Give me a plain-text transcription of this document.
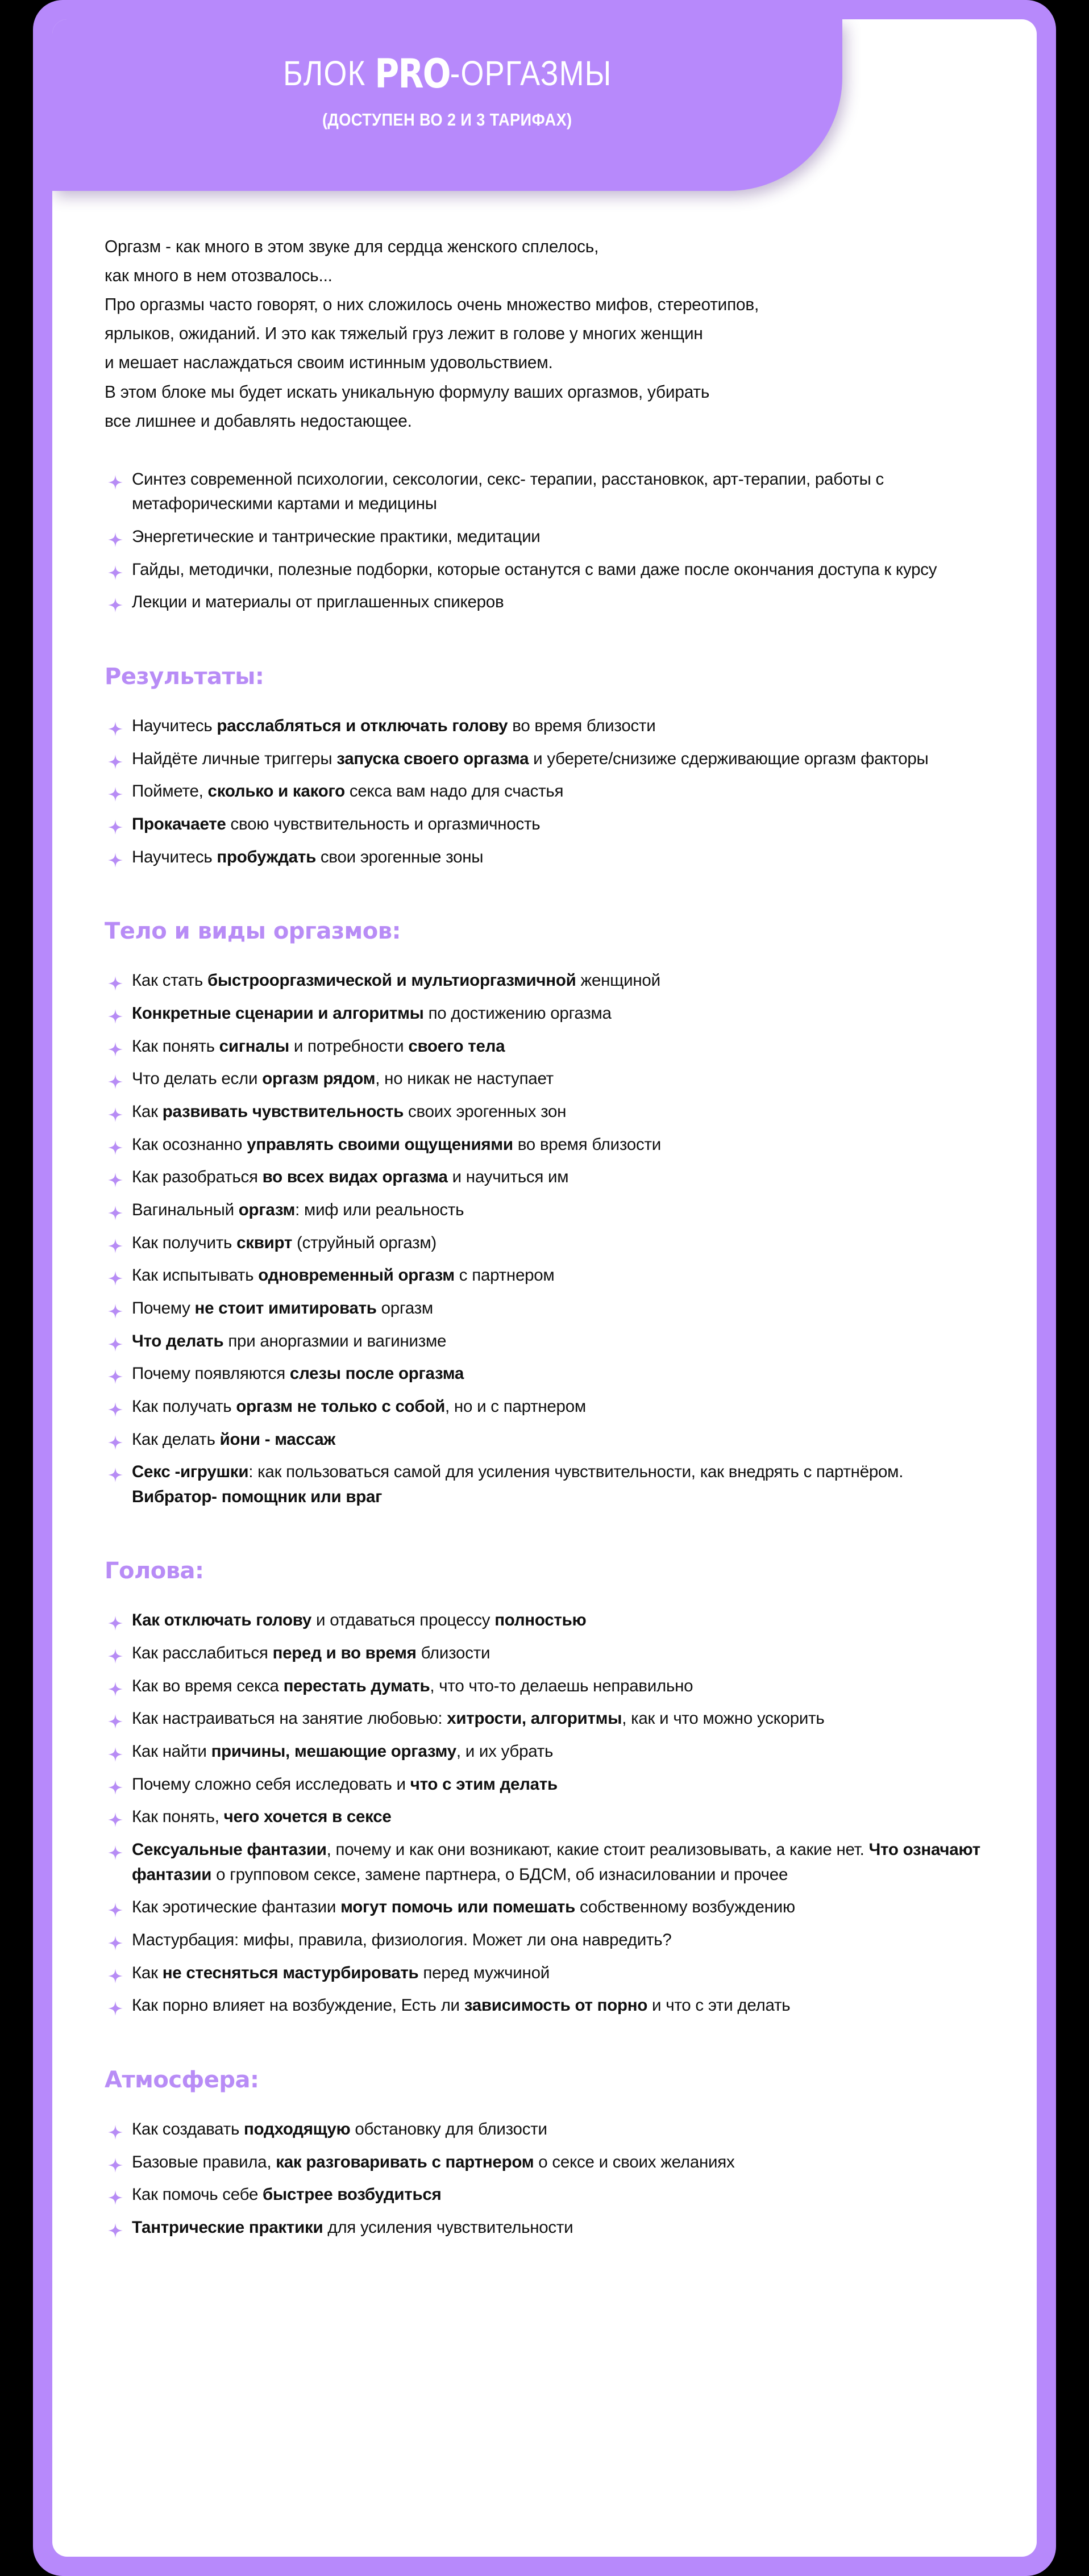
БЛОК PRO-ОРГАЗМЫ
(ДОСТУПЕН ВО 2 И 3 ТАРИФАХ)

Оргазм - как много в этом звуке для сердца женского сплелось,

как много в нем отозвалось...

Про оргазмы часто говорят, о них сложилось очень множество мифов, стереотипов,

ярлыков, ожиданий. И это как тяжелый груз лежит в голове у многих женщин

и мешает наслаждаться своим истинным удовольствием.

В этом блоке мы будет искать уникальную формулу ваших оргазмов, убирать

все лишнее и добавлять недостающее.

Синтез современной психологии, сексологии, секс- терапии, расстановкок, арт-терапии, работы с метафорическими картами и медицины
Энергетические и тантрические практики, медитации
Гайды, методички, полезные подборки, которые останутся с вами даже после окончания доступа к курсу
Лекции и материалы от приглашенных спикеров
Результаты:
Научитесь расслабляться и отключать голову во время близости
Найдёте личные триггеры запуска своего оргазма и уберете/снизиже сдерживающие оргазм факторы
Поймете, сколько и какого секса вам надо для счастья
Прокачаете свою чувствительность и оргазмичность
Научитесь пробуждать свои эрогенные зоны
Тело и виды оргазмов:
Как стать быстрооргазмической и мультиоргазмичной женщиной
Конкретные сценарии и алгоритмы по достижению оргазма
Как понять сигналы и потребности своего тела
Что делать если оргазм рядом, но никак не наступает
Как развивать чувствительность своих эрогенных зон
Как осознанно управлять своими ощущениями во время близости
Как разобраться во всех видах оргазма и научиться им
Вагинальный оргазм: миф или реальность
Как получить сквирт (струйный оргазм)
Как испытывать одновременный оргазм с партнером
Почему не стоит имитировать оргазм
Что делать при аноргазмии и вагинизме
Почему появляются слезы после оргазма
Как получать оргазм не только с собой, но и с партнером
Как делать йони - массаж
Секс -игрушки: как пользоваться самой для усиления чувствительности, как внедрять с партнёром. Вибратор- помощник или враг
Голова:
Как отключать голову и отдаваться процессу полностью
Как расслабиться перед и во время близости
Как во время секса перестать думать, что что-то делаешь неправильно
Как настраиваться на занятие любовью: хитрости, алгоритмы, как и что можно ускорить
Как найти причины, мешающие оргазму, и их убрать
Почему сложно себя исследовать и что с этим делать
Как понять, чего хочется в сексе
Сексуальные фантазии, почему и как они возникают, какие стоит реализовывать, а какие нет. Что означают фантазии о групповом сексе, замене партнера, о БДСМ, об изнасиловании и прочее
Как эротические фантазии могут помочь или помешать собственному возбуждению
Мастурбация: мифы, правила, физиология. Может ли она навредить?
Как не стесняться мастурбировать перед мужчиной
Как порно влияет на возбуждение, Есть ли зависимость от порно и что с эти делать
Атмосфера:
Как создавать подходящую обстановку для близости
Базовые правила, как разговаривать с партнером о сексе и своих желаниях
Как помочь себе быстрее возбудиться
Тантрические практики для усиления чувствительности
